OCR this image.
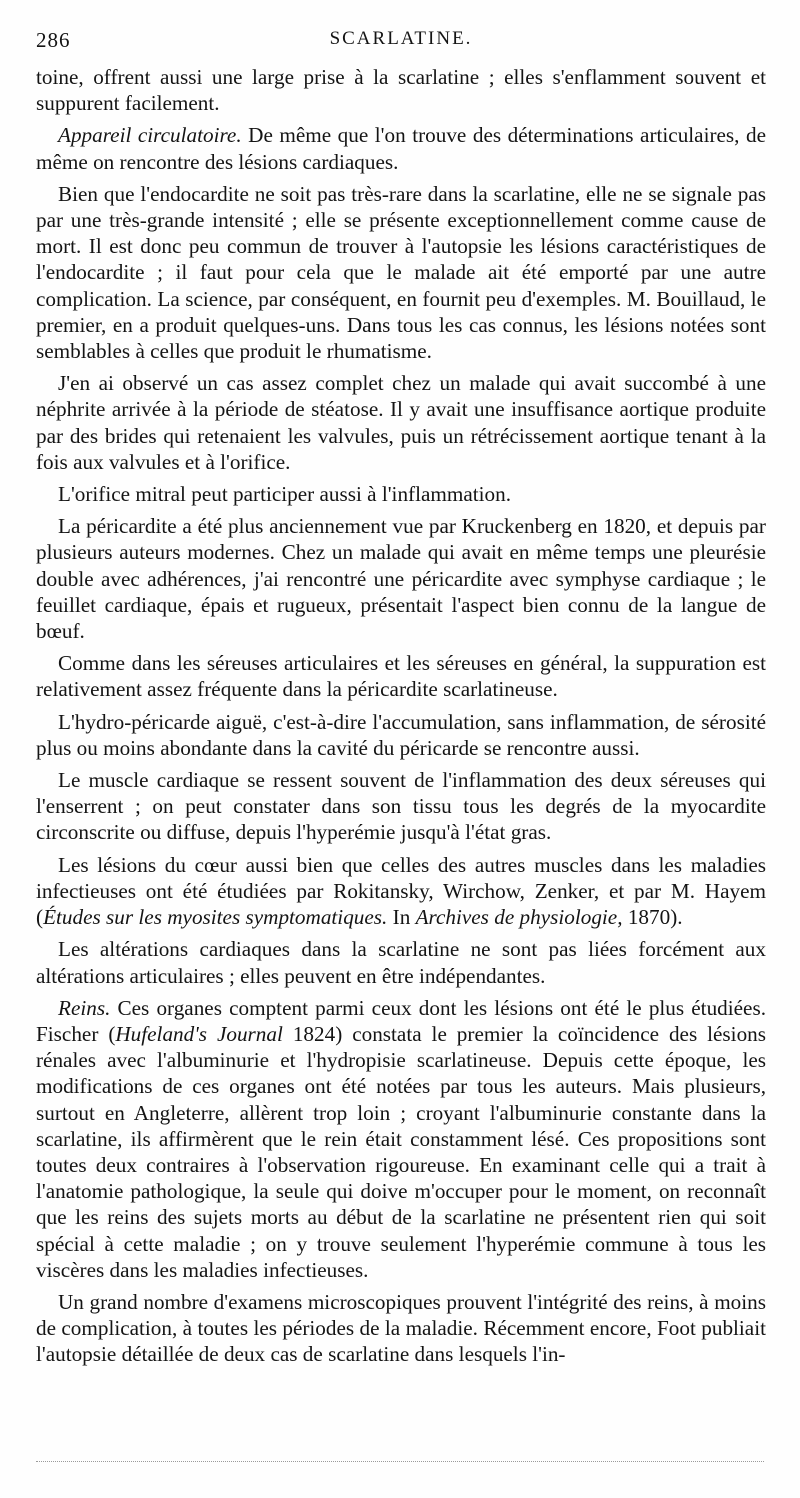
286	SCARLATINE.

toine, offrent aussi une large prise à la scarlatine ; elles s'enflamment souvent et suppurent facilement.

Appareil circulatoire. De même que l'on trouve des déterminations articulaires, de même on rencontre des lésions cardiaques.

Bien que l'endocardite ne soit pas très-rare dans la scarlatine, elle ne se signale pas par une très-grande intensité ; elle se présente exceptionnellement comme cause de mort. Il est donc peu commun de trouver à l'autopsie les lésions caractéristiques de l'endocardite ; il faut pour cela que le malade ait été emporté par une autre complication. La science, par conséquent, en fournit peu d'exemples. M. Bouillaud, le premier, en a produit quelques-uns. Dans tous les cas connus, les lésions notées sont semblables à celles que produit le rhumatisme.

J'en ai observé un cas assez complet chez un malade qui avait succombé à une néphrite arrivée à la période de stéatose. Il y avait une insuffisance aortique produite par des brides qui retenaient les valvules, puis un rétrécissement aortique tenant à la fois aux valvules et à l'orifice.

L'orifice mitral peut participer aussi à l'inflammation.

La péricardite a été plus anciennement vue par Kruckenberg en 1820, et depuis par plusieurs auteurs modernes. Chez un malade qui avait en même temps une pleurésie double avec adhérences, j'ai rencontré une péricardite avec symphyse cardiaque ; le feuillet cardiaque, épais et rugueux, présentait l'aspect bien connu de la langue de bœuf.

Comme dans les séreuses articulaires et les séreuses en général, la suppuration est relativement assez fréquente dans la péricardite scarlatineuse.

L'hydro-péricarde aiguë, c'est-à-dire l'accumulation, sans inflammation, de sérosité plus ou moins abondante dans la cavité du péricarde se rencontre aussi.

Le muscle cardiaque se ressent souvent de l'inflammation des deux séreuses qui l'enserrent ; on peut constater dans son tissu tous les degrés de la myocardite circonscrite ou diffuse, depuis l'hyperémie jusqu'à l'état gras.

Les lésions du cœur aussi bien que celles des autres muscles dans les maladies infectieuses ont été étudiées par Rokitansky, Wirchow, Zenker, et par M. Hayem (Études sur les myosites symptomatiques. In Archives de physiologie, 1870).

Les altérations cardiaques dans la scarlatine ne sont pas liées forcément aux altérations articulaires ; elles peuvent en être indépendantes.

Reins. Ces organes comptent parmi ceux dont les lésions ont été le plus étudiées. Fischer (Hufeland's Journal 1824) constata le premier la coïncidence des lésions rénales avec l'albuminurie et l'hydropisie scarlatineuse. Depuis cette époque, les modifications de ces organes ont été notées par tous les auteurs. Mais plusieurs, surtout en Angleterre, allèrent trop loin ; croyant l'albuminurie constante dans la scarlatine, ils affirmèrent que le rein était constamment lésé. Ces propositions sont toutes deux contraires à l'observation rigoureuse. En examinant celle qui a trait à l'anatomie pathologique, la seule qui doive m'occuper pour le moment, on reconnaît que les reins des sujets morts au début de la scarlatine ne présentent rien qui soit spécial à cette maladie ; on y trouve seulement l'hyperémie commune à tous les viscères dans les maladies infectieuses.

Un grand nombre d'examens microscopiques prouvent l'intégrité des reins, à moins de complication, à toutes les périodes de la maladie. Récemment encore, Foot publiait l'autopsie détaillée de deux cas de scarlatine dans lesquels l'in-
